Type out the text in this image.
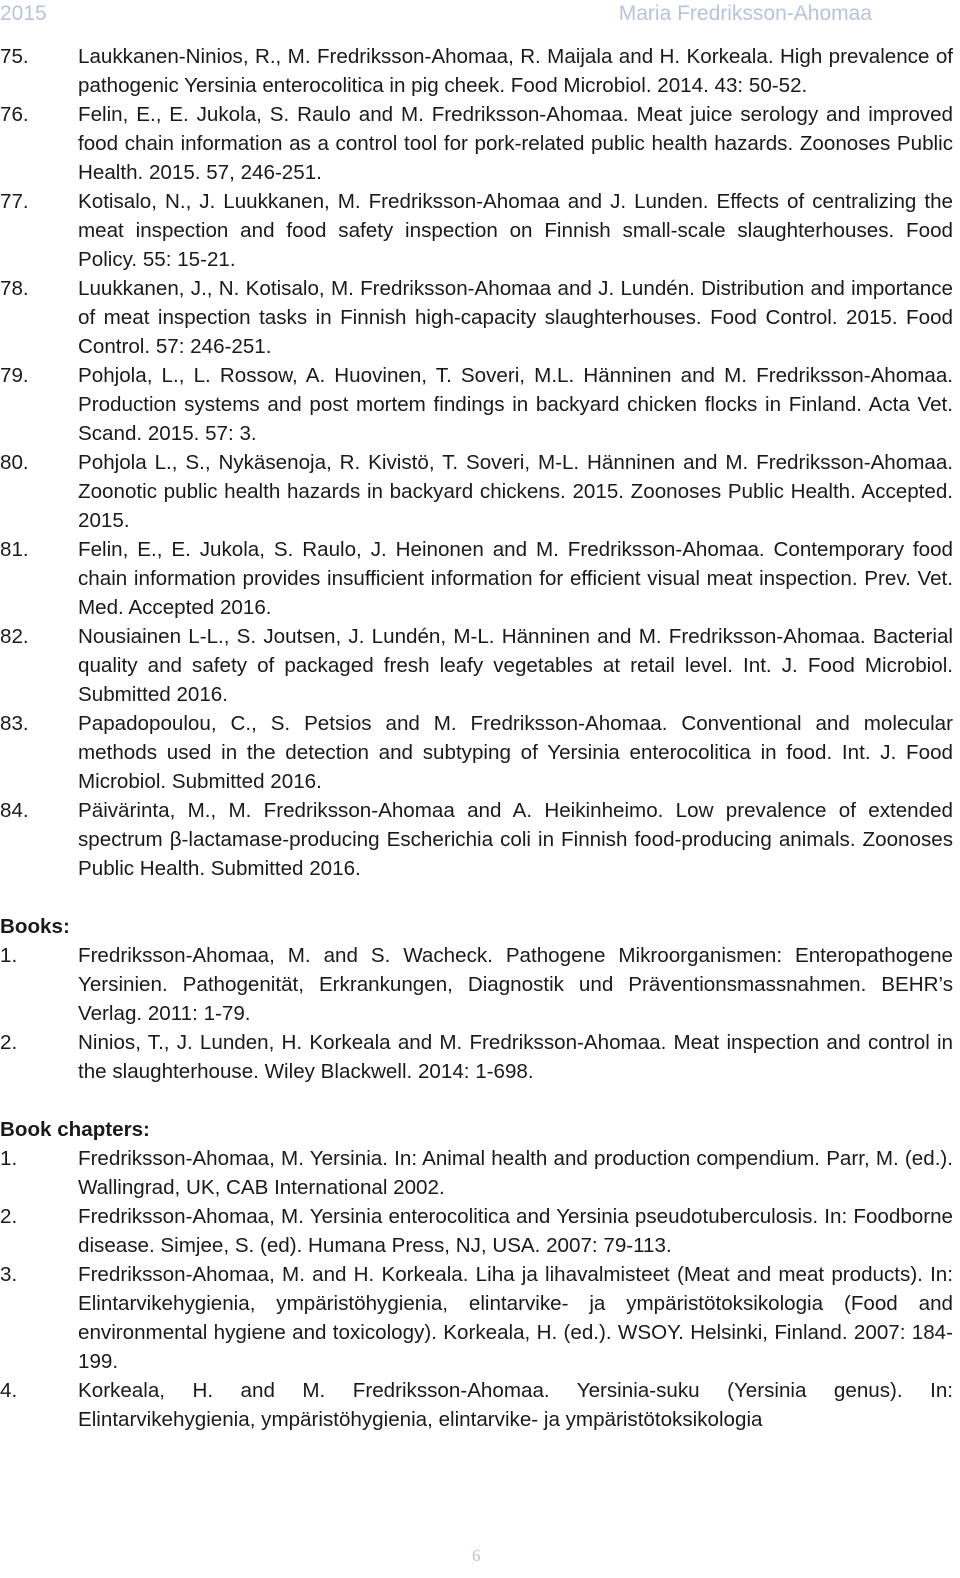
2015	Maria Fredriksson-Ahomaa
75. Laukkanen-Ninios, R., M. Fredriksson-Ahomaa, R. Maijala and H. Korkeala. High prevalence of pathogenic Yersinia enterocolitica in pig cheek. Food Microbiol. 2014. 43: 50-52.
76. Felin, E., E. Jukola, S. Raulo and M. Fredriksson-Ahomaa. Meat juice serology and improved food chain information as a control tool for pork-related public health hazards. Zoonoses Public Health. 2015. 57, 246-251.
77. Kotisalo, N., J. Luukkanen, M. Fredriksson-Ahomaa and J. Lunden. Effects of centralizing the meat inspection and food safety inspection on Finnish small-scale slaughterhouses. Food Policy. 55: 15-21.
78. Luukkanen, J., N. Kotisalo, M. Fredriksson-Ahomaa and J. Lundén. Distribution and importance of meat inspection tasks in Finnish high-capacity slaughterhouses. Food Control. 2015. Food Control. 57: 246-251.
79. Pohjola, L., L. Rossow, A. Huovinen, T. Soveri, M.L. Hänninen and M. Fredriksson-Ahomaa. Production systems and post mortem findings in backyard chicken flocks in Finland. Acta Vet. Scand. 2015. 57: 3.
80. Pohjola L., S., Nykäsenoja, R. Kivistö, T. Soveri, M-L. Hänninen and M. Fredriksson-Ahomaa. Zoonotic public health hazards in backyard chickens. 2015. Zoonoses Public Health. Accepted. 2015.
81. Felin, E., E. Jukola, S. Raulo, J. Heinonen and M. Fredriksson-Ahomaa. Contemporary food chain information provides insufficient information for efficient visual meat inspection. Prev. Vet. Med. Accepted 2016.
82. Nousiainen L-L., S. Joutsen, J. Lundén, M-L. Hänninen and M. Fredriksson-Ahomaa. Bacterial quality and safety of packaged fresh leafy vegetables at retail level. Int. J. Food Microbiol. Submitted 2016.
83. Papadopoulou, C., S. Petsios and M. Fredriksson-Ahomaa. Conventional and molecular methods used in the detection and subtyping of Yersinia enterocolitica in food. Int. J. Food Microbiol. Submitted 2016.
84. Päivärinta, M., M. Fredriksson-Ahomaa and A. Heikinheimo. Low prevalence of extended spectrum β-lactamase-producing Escherichia coli in Finnish food-producing animals. Zoonoses Public Health. Submitted 2016.
Books:
1.	Fredriksson-Ahomaa, M. and S. Wacheck. Pathogene Mikroorganismen: Enteropathogene Yersinien. Pathogenität, Erkrankungen, Diagnostik und Präventionsmassnahmen. BEHR’s Verlag. 2011: 1-79.
2.	Ninios, T., J. Lunden, H. Korkeala and M. Fredriksson-Ahomaa. Meat inspection and control in the slaughterhouse. Wiley Blackwell. 2014: 1-698.
Book chapters:
1.	Fredriksson-Ahomaa, M. Yersinia. In: Animal health and production compendium. Parr, M. (ed.). Wallingrad, UK, CAB International 2002.
2.	Fredriksson-Ahomaa, M. Yersinia enterocolitica and Yersinia pseudotuberculosis. In: Foodborne disease. Simjee, S. (ed). Humana Press, NJ, USA. 2007: 79-113.
3.	Fredriksson-Ahomaa, M. and H. Korkeala. Liha ja lihavalmisteet (Meat and meat products). In: Elintarvikehygienia, ympäristöhygienia, elintarvike- ja ympäristötoksikologia (Food and environmental hygiene and toxicology). Korkeala, H. (ed.). WSOY. Helsinki, Finland. 2007: 184-199.
4.	Korkeala, H. and M. Fredriksson-Ahomaa. Yersinia-suku (Yersinia genus). In: Elintarvikehygienia, ympäristöhygienia, elintarvike- ja ympäristötoksikologia
6
